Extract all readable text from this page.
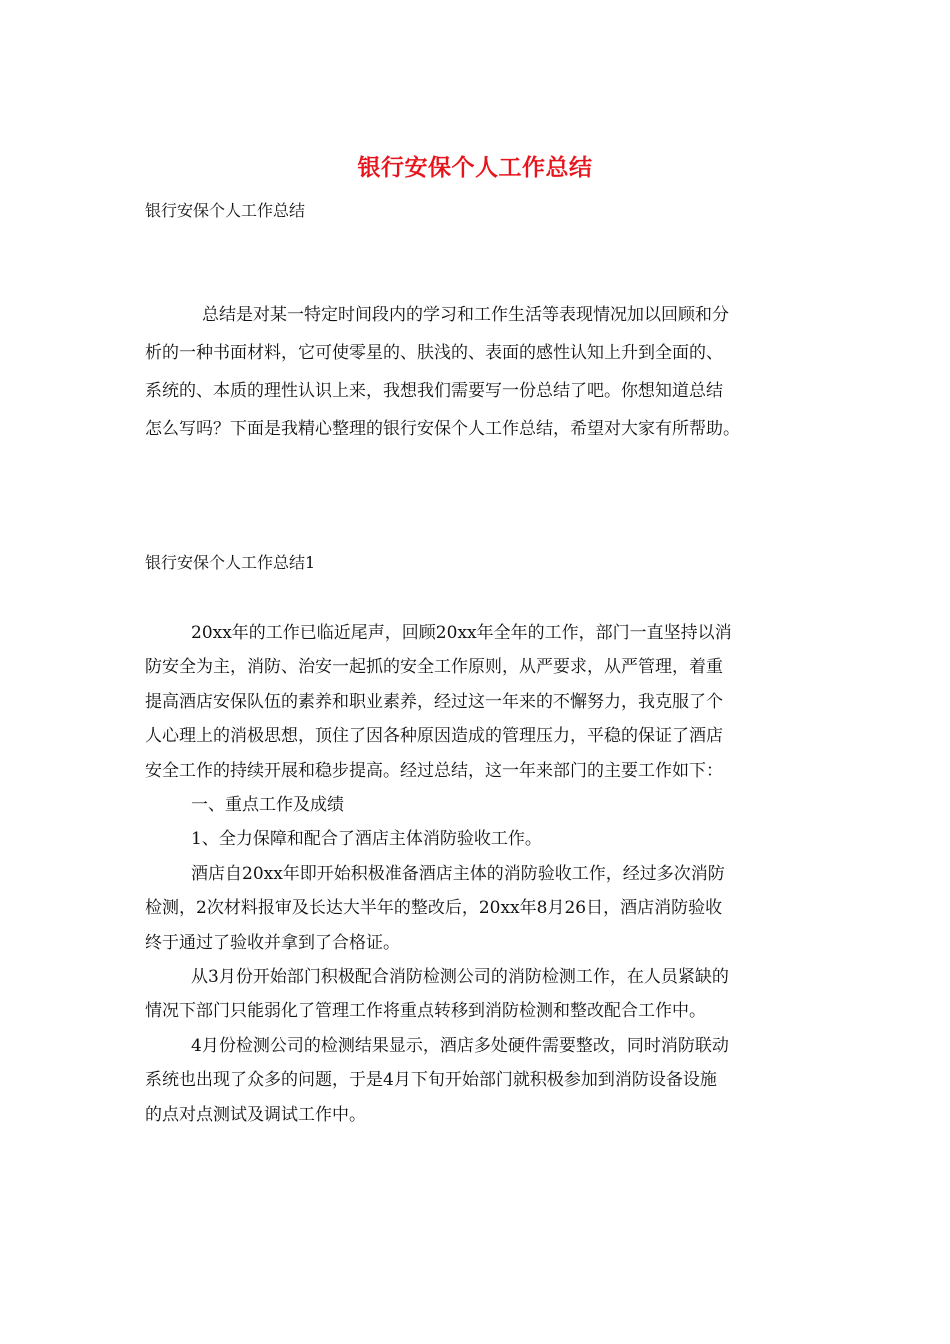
银行安保个人工作总结
银行安保个人工作总结
总结是对某一特定时间段内的学习和工作生活等表现情况加以回顾和分
析的一种书面材料，它可使零星的、肤浅的、表面的感性认知上升到全面的、
系统的、本质的理性认识上来，我想我们需要写一份总结了吧。你想知道总结
怎么写吗？下面是我精心整理的银行安保个人工作总结，希望对大家有所帮助。
银行安保个人工作总结1
20xx年的工作已临近尾声，回顾20xx年全年的工作，部门一直坚持以消
防安全为主，消防、治安一起抓的安全工作原则，从严要求，从严管理，着重
提高酒店安保队伍的素养和职业素养，经过这一年来的不懈努力，我克服了个
人心理上的消极思想，顶住了因各种原因造成的管理压力，平稳的保证了酒店
安全工作的持续开展和稳步提高。经过总结，这一年来部门的主要工作如下：
一、重点工作及成绩
1、全力保障和配合了酒店主体消防验收工作。
酒店自20xx年即开始积极准备酒店主体的消防验收工作，经过多次消防
检测，2次材料报审及长达大半年的整改后，20xx年8月26日，酒店消防验收
终于通过了验收并拿到了合格证。
从3月份开始部门积极配合消防检测公司的消防检测工作，在人员紧缺的
情况下部门只能弱化了管理工作将重点转移到消防检测和整改配合工作中。
4月份检测公司的检测结果显示，酒店多处硬件需要整改，同时消防联动
系统也出现了众多的问题，于是4月下旬开始部门就积极参加到消防设备设施
的点对点测试及调试工作中。
